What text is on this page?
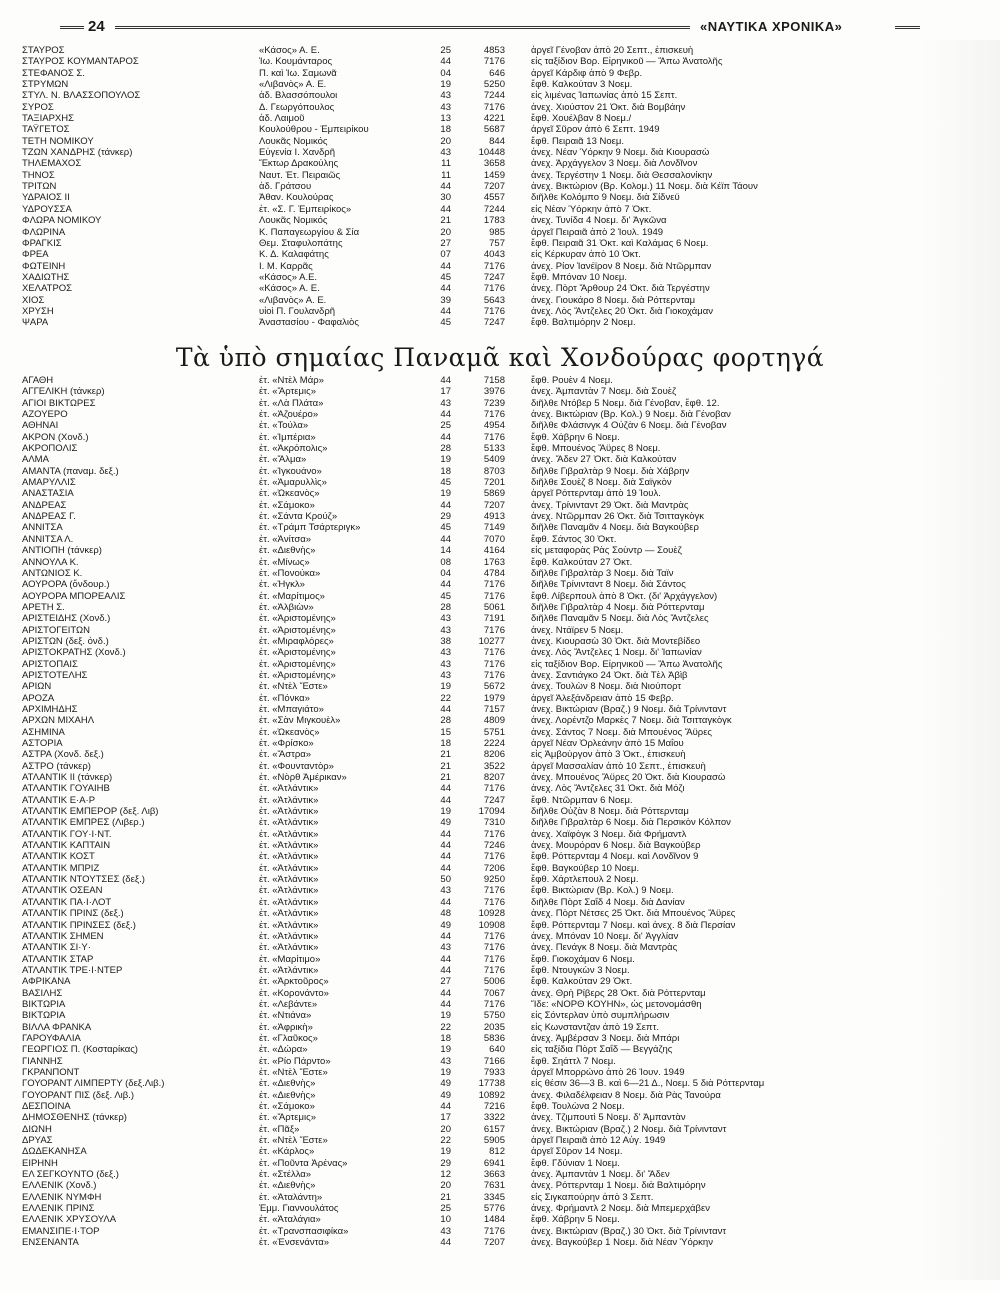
24	«ΝΑΥΤΙΚΑ ΧΡΟΝΙΚΑ»
ΣΤΑΥΡΟΣ	«Κάσος» Α. Ε.	25	4853	ἀργεῖ Γένοβαν ἀπὸ 20 Σεπτ., ἐπισκευὴ
ΣΤΑΥΡΟΣ ΚΟΥΜΑΝΤΑΡΟΣ	Ἰω. Κουμάνταρος	44	7176	εἰς ταξίδιον Βορ. Εἰρηνικοῦ — Ἄπω Ἀνατολῆς
ΣΤΕΦΑΝΟΣ Σ.	Π. καὶ Ἰω. Σαμωνᾶ	04	646	ἀργεῖ Κάρδιφ ἀπὸ 9 Φεβρ.
ΣΤΡΥΜΩΝ	«Λιβανὸς» Α. Ε.	19	5250	ἔφθ. Καλκούταν 3 Νοεμ.
ΣΤΥΛ. Ν. ΒΛΑΣΣΟΠΟΥΛΟΣ	ἀδ. Βλασσόπουλοι	43	7244	εἰς λιμένας Ἰαπωνίας ἀπὸ 15 Σεπτ.
ΣΥΡΟΣ	Δ. Γεωργόπουλος	43	7176	ἀνεχ. Χιούστον 21 Ὀκτ. διὰ Βομβάην
ΤΑΞΙΑΡΧΗΣ	ἀδ. Λαιμοῦ	13	4221	ἔφθ. Χουέλβαν 8 Νοεμ./
ΤΑΫΓΕΤΟΣ	Κουλούθρου - Ἐμπειρίκου	18	5687	ἀργεῖ Σῦρον ἀπὸ 6 Σεπτ. 1949
ΤΕΤΗ ΝΟΜΙΚΟΥ	Λουκᾶς Νομικός	20	844	ἔφθ. Πειραιᾶ 13 Νοεμ.
ΤΖΩΝ ΧΑΝΔΡΗΣ (τάνκερ)	Εὐγενία Ι. Χανδρῆ	43	10448	ἀνεχ. Νέαν Ὑόρκην 9 Νοεμ. διὰ Κιουρασὼ
ΤΗΛΕΜΑΧΟΣ	Ἕκτωρ Δρακούλης	11	3658	ἀνεχ. Ἀρχάγγελον 3 Νοεμ. διὰ Λονδῖνον
ΤΗΝΟΣ	Ναυτ. Ἐτ. Πειραιῶς	11	1459	ἀνεχ. Τεργέστην 1 Νοεμ. διὰ Θεσσαλονίκην
ΤΡΙΤΩΝ	ἀδ. Γράτσου	44	7207	ἀνεχ. Βικτώριον (Βρ. Κολομ.) 11 Νοεμ. διὰ Κέϊπ Τάουν
ΥΔΡΑΙΟΣ ΙΙ	Ἀθαν. Κουλούρας	30	4557	διῆλθε Κολόμπο 9 Νοεμ. διὰ Σίδνεϋ
ΥΔΡΟΥΣΣΑ	ἐτ. «Σ. Γ. Ἐμπειρίκος»	44	7244	εἰς Νέαν Ὑόρκην ἀπὸ 7 Ὀκτ.
ΦΛΩΡΑ ΝΟΜΙΚΟΥ	Λουκᾶς Νομικός	21	1783	ἀνεχ. Τυνίδα 4 Νοεμ. δι' Ἀγκῶνα
ΦΛΩΡΙΝΑ	Κ. Παπαγεωργίου & Σία	20	985	ἀργεῖ Πειραιᾶ ἀπὸ 2 Ἰουλ. 1949
ΦΡΑΓΚΙΣ	Θεμ. Σταφυλοπάτης	27	757	ἔφθ. Πειραιᾶ 31 Ὀκτ. καὶ Καλάμας 6 Νοεμ.
ΦΡΕΑ	Κ. Δ. Καλαφάτης	07	4043	εἰς Κέρκυραν ἀπὸ 10 Ὀκτ.
ΦΩΤΕΙΝΗ	Ι. Μ. Καρρᾶς	44	7176	ἀνεχ. Ρίον Ἰανέϊρον 8 Νοεμ. διὰ Ντῶρμπαν
ΧΑΔΙΩΤΗΣ	«Κάσος» Α.Ε.	45	7247	ἔφθ. Μπόναν 10 Νοεμ.
ΧΕΛΑΤΡΟΣ	«Κάσος» Α. Ε.	44	7176	ἀνεχ. Πὸρτ Ἄρθουρ 24 Ὀκτ. διὰ Τεργέστην
ΧΙΟΣ	«Λιβανὸς» Α. Ε.	39	5643	ἀνεχ. Γιουκάρο 8 Νοεμ. διὰ Ρόττερνταμ
ΧΡΥΣΗ	υἱοὶ Π. Γουλανδρῆ	44	7176	ἀνεχ. Λὸς Ἄντζελες 20 Ὀκτ. διὰ Γιοκοχάμαν
ΨΑΡΑ	Ἀναστασίου - Φαφαλιὸς	45	7247	ἔφθ. Βαλτιμόρην 2 Νοεμ.
Τὰ ὑπὸ σημαίας Παναμᾶ καὶ Χονδούρας φορτηγά
ΑΓΑΘΗ	ἐτ. «Ντὲλ Μάρ»	44	7158	ἔφθ. Ρουὲν 4 Νοεμ.
ΑΓΓΕΛΙΚΗ (τάνκερ)	ἐτ. «Ἄρτεμις»	17	3976	ἀνεχ. Ἀμπαντὰν 7 Νοεμ. διὰ Σουὲζ
ΑΓΙΟΙ ΒΙΚΤΩΡΕΣ	ἐτ. «Λὰ Πλάτα»	43	7239	διῆλθε Ντόβερ 5 Νοεμ. διὰ Γένοβαν, ἔφθ. 12.
ΑΖΟΥΕΡΟ	ἐτ. «Ἀζουέρο»	44	7176	ἀνεχ. Βικτώριαν (Βρ. Κολ.) 9 Νοεμ. διὰ Γένοβαν
ΑΘΗΝΑΙ	ἐτ. «Τούλα»	25	4954	διῆλθε Φλάσινγκ 4 Οὐζὰν 6 Νοεμ. διὰ Γένοβαν
ΑΚΡΟΝ (Χονδ.)	ἐτ. «Ἰμπέρια»	44	7176	ἔφθ. Χάβρην 6 Νοεμ.
ΑΚΡΟΠΟΛΙΣ	ἐτ. «Ἀκρόπολις»	28	5133	ἔφθ. Μπουένος Ἄϋρες 8 Νοεμ.
ΑΛΜΑ	ἐτ. «Ἄλμα»	19	5409	ἀνεχ. Ἄδεν 27 Ὀκτ. διὰ Καλκούταν
ΑΜΑΝΤΑ (παναμ. δεξ.)	ἐτ. «Ἰγκουάνο»	18	8703	διῆλθε Γιβραλτὰρ 9 Νοεμ. διὰ Χάβρην
ΑΜΑΡΥΛΛΙΣ	ἐτ. «Ἀμαρυλλὶς»	45	7201	διῆλθε Σουὲζ 8 Νοεμ. διὰ Σαϊγκὸν
ΑΝΑΣΤΑΣΙΑ	ἐτ. «Ὠκεανὸς»	19	5869	ἀργεῖ Ρόττερνταμ ἀπὸ 19 Ἰουλ.
ΑΝΔΡΕΑΣ	ἐτ. «Σάμοκο»	44	7207	ἀνεχ. Τρίνινταντ 29 Ὀκτ. διὰ Μαντρὰς
ΑΝΔΡΕΑΣ Γ.	ἐτ. «Σάντα Κρούζ»	29	4913	ἀνεχ. Ντῶρμπαν 26 Ὀκτ. διὰ Τσιτταγκὸγκ
ΑΝΝΙΤΣΑ	ἐτ. «Τράμπ Τσάρτεριγκ»	45	7149	διῆλθε Παναμᾶν 4 Νοεμ. διὰ Βαγκούβερ
ΑΝΝΙΤΣΑ Λ.	ἐτ. «Ἀνίτσα»	44	7070	ἔφθ. Σάντος 30 Ὀκτ.
ΑΝΤΙΟΠΗ (τάνκερ)	ἐτ. «Διεθνὴς»	14	4164	εἰς μεταφορὰς Ρὰς Σοὺντρ — Σουὲζ
ΑΝΝΟΥΛΑ Κ.	ἐτ. «Μίνως»	08	1763	ἔφθ. Καλκούταν 27 Ὀκτ.
ΑΝΤΩΝΙΟΣ Κ.	ἐτ. «Πονούκα»	04	4784	διῆλθε Γιβραλτὰρ 3 Νοεμ. διὰ Ταϊν
ΑΟΥΡΟΡΑ (ὄνδουρ.)	ἐτ. «Ἠγκλ»	44	7176	διῆλθε Τρίνινταντ 8 Νοεμ. διὰ Σάντος
ΑΟΥΡΟΡΑ ΜΠΟΡΕΑΛΙΣ	ἐτ. «Μαρίτιμος»	45	7176	ἔφθ. Λίβερπουλ ἀπὸ 8 Ὀκτ. (δι' Ἀρχάγγελον)
ΑΡΕΤΗ Σ.	ἐτ. «Ἀλβιὼν»	28	5061	διῆλθε Γιβραλτὰρ 4 Νοεμ. διὰ Ρόττερνταμ
ΑΡΙΣΤΕΙΔΗΣ (Χονδ.)	ἐτ. «Ἀριστομένης»	43	7191	διῆλθε Παναμᾶν 5 Νοεμ. διὰ Λὸς Ἄντζελες
ΑΡΙΣΤΟΓΕΙΤΩΝ	ἐτ. «Ἀριστομένης»	43	7176	ἀνεχ. Ντάϊρεν 5 Νοεμ.
ΑΡΙΣΤΩΝ (δεξ. ὀνδ.)	ἐτ. «Μιραφλόρες»	38	10277	ἀνεχ. Κιουρασὼ 30 Ὀκτ. διὰ Μοντεβίδεο
ΑΡΙΣΤΟΚΡΑΤΗΣ (Χονδ.)	ἐτ. «Ἀριστομένης»	43	7176	ἀνεχ. Λὸς Ἄντζελες 1 Νοεμ. δι' Ἰαπωνίαν
ΑΡΙΣΤΟΠΑΙΣ	ἐτ. «Ἀριστομένης»	43	7176	εἰς ταξίδιον Βορ. Εἰρηνικοῦ — Ἄπω Ἀνατολῆς
ΑΡΙΣΤΟΤΕΛΗΣ	ἐτ. «Ἀριστομένης»	43	7176	ἀνεχ. Σαντιάγκο 24 Ὀκτ. διὰ Τὲλ Ἀβὶβ
ΑΡΙΩΝ	ἐτ. «Ντὲλ Ἔστε»	19	5672	ἀνεχ. Τουλὼν 8 Νοεμ. διὰ Νιούπορτ
ΑΡΟΖΑ	ἐτ. «Πόνκα»	22	1979	ἀργεῖ Ἀλεξάνδρειαν ἀπὸ 15 Φεβρ.
ΑΡΧΙΜΗΔΗΣ	ἐτ. «Μπαγιάτο»	44	7157	ἀνεχ. Βικτώριαν (Βραζ.) 9 Νοεμ. διὰ Τρίνινταντ
ΑΡΧΩΝ ΜΙΧΑΗΛ	ἐτ. «Σὰν Μιγκουὲλ»	28	4809	ἀνεχ. Λορέντζο Μαρκὲς 7 Νοεμ. διὰ Τσιτταγκὸγκ
ΑΣΗΜΙΝΑ	ἐτ. «Ὠκεανὸς»	15	5751	ἀνεχ. Σάντος 7 Νοεμ. διὰ Μπουένος Ἄϋρες
ΑΣΤΟΡΙΑ	ἐτ. «Φρίσκο»	18	2224	ἀργεῖ Νέαν Ὀρλεάνην ἀπὸ 15 Μαΐου
ΑΣΤΡΑ (Χονδ. δεξ.)	ἐτ. «Ἄστρα»	21	8206	εἰς Ἀμβούργον ἀπὸ 3 Ὀκτ., ἐπισκευὴ
ΑΣΤΡΟ (τάνκερ)	ἐτ. «Φουνταντὸρ»	21	3522	ἀργεῖ Μασσαλίαν ἀπὸ 10 Σεπτ., ἐπισκευὴ
ΑΤΛΑΝΤΙΚ ΙΙ (τάνκερ)	ἐτ. «Νὸρθ Ἀμέρικαν»	21	8207	ἀνεχ. Μπουένος Ἄϋρες 20 Ὀκτ. διὰ Κιουρασὼ
ΑΤΛΑΝΤΙΚ ΓΟΥΑΙΗΒ	ἐτ. «Ἀτλάντικ»	44	7176	ἀνεχ. Λὸς Ἄντζελες 31 Ὀκτ. διὰ Μόζι
ΑΤΛΑΝΤΙΚ Ε·Α·Ρ	ἐτ. «Ἀτλάντικ»	44	7247	ἔφθ. Ντῶρμπαν 6 Νοεμ.
ΑΤΛΑΝΤΙΚ ΕΜΠΕΡΟΡ (δεξ. Λιβ)	ἐτ. «Ἀτλάντικ»	19	17094	διῆλθε Οὐζὰν 8 Νοεμ. διὰ Ρόττερνταμ
ΑΤΛΑΝΤΙΚ ΕΜΠΡΕΣ (Λιβερ.)	ἐτ. «Ἀτλάντικ»	49	7310	διῆλθε Γιβραλτὰρ 6 Νοεμ. διὰ Περσικὸν Κόλπον
ΑΤΛΑΝΤΙΚ ΓΟΥ·Ι·ΝΤ.	ἐτ. «Ἀτλάντικ»	44	7176	ἀνεχ. Χαϊφὸγκ 3 Νοεμ. διὰ Φρήμαντλ
ΑΤΛΑΝΤΙΚ ΚΑΠΤΑΙΝ	ἐτ. «Ἀτλάντικ»	44	7246	ἀνεχ. Μουρόραν 6 Νοεμ. διὰ Βαγκούβερ
ΑΤΛΑΝΤΙΚ ΚΟΣΤ	ἐτ. «Ἀτλάντικ»	44	7176	ἔφθ. Ρόττερνταμ 4 Νοεμ. καὶ Λονδῖνον 9
ΑΤΛΑΝΤΙΚ ΜΠΡΙΖ	ἐτ. «Ἀτλάντικ»	44	7206	ἔφθ. Βαγκούβερ 10 Νοεμ.
ΑΤΛΑΝΤΙΚ ΝΤΟΥΤΣΕΣ (δεξ.)	ἐτ. «Ἀτλάντικ»	50	9250	ἔφθ. Χάρτλεπουλ 2 Νοεμ.
ΑΤΛΑΝΤΙΚ ΟΣΕΑΝ	ἐτ. «Ἀτλάντικ»	43	7176	ἔφθ. Βικτώριαν (Βρ. Κολ.) 9 Νοεμ.
ΑΤΛΑΝΤΙΚ ΠΑ·Ι·ΛΟΤ	ἐτ. «Ἀτλάντικ»	44	7176	διῆλθε Πὸρτ Σαΐδ 4 Νοεμ. διὰ Δανίαν
ΑΤΛΑΝΤΙΚ ΠΡΙΝΣ (δεξ.)	ἐτ. «Ἀτλάντικ»	48	10928	ἀνεχ. Πὸρτ Νέτσες 25 Ὀκτ. διὰ Μπουένος Ἄϋρες
ΑΤΛΑΝΤΙΚ ΠΡΙΝΣΕΣ (δεξ.)	ἐτ. «Ἀτλάντικ»	49	10908	ἔφθ. Ρόττερνταμ 7 Νοεμ. καὶ ἀνεχ. 8 διὰ Περσίαν
ΑΤΛΑΝΤΙΚ ΣΗΜΕΝ	ἐτ. «Ἀτλάντικ»	44	7176	ἀνεχ. Μπόναν 10 Νοεμ. δι' Ἀγγλίαν
ΑΤΛΑΝΤΙΚ ΣΙ·Υ·	ἐτ. «Ἀτλάντικ»	43	7176	ἀνεχ. Πενάγκ 8 Νοεμ. διὰ Μαντρὰς
ΑΤΛΑΝΤΙΚ ΣΤΑΡ	ἐτ. «Μαρίτιμο»	44	7176	ἔφθ. Γιοκοχάμαν 6 Νοεμ.
ΑΤΛΑΝΤΙΚ ΤΡΕ·Ι·ΝΤΕΡ	ἐτ. «Ἀτλάντικ»	44	7176	ἔφθ. Ντουγκὼν 3 Νοεμ.
ΑΦΡΙΚΑΝΑ	ἐτ. «Ἀρκτοῦρος»	27	5006	ἔφθ. Καλκούταν 29 Ὀκτ.
ΒΑΣΙΛΗΣ	ἐτ. «Κορονάντο»	44	7067	ἀνεχ. Θρὴ Ρίβερς 28 Ὀκτ. διὰ Ρόττερνταμ
ΒΙΚΤΩΡΙΑ	ἐτ. «Λεβάντε»	44	7176	Ἴδε: «ΝΟΡΘ ΚΟΥΗΝ», ὡς μετονομάσθη
ΒΙΚΤΩΡΙΑ	ἐτ. «Ντιάνα»	19	5750	εἰς Σόντερλαν ὑπὸ συμπλήρωσιν
ΒΙΛΛΑ ΦΡΑΝΚΑ	ἐτ. «Ἀφρικὴ»	22	2035	εἰς Κωνσταντζαν ἀπὸ 19 Σεπτ.
ΓΑΡΟΥΦΑΛΙΑ	ἐτ. «Γλαῦκος»	18	5836	ἀνεχ. Ἀμβέρσαν 3 Νοεμ. διὰ Μπάρι
ΓΕΩΡΓΙΟΣ Π. (Κοσταρίκας)	ἐτ. «Δώρα»	19	640	εἰς ταξίδια Πὸρτ Σαΐδ — Βεγγάζης
ΓΙΑΝΝΗΣ	ἐτ. «Ρίο Πάρντο»	43	7166	ἔφθ. Σηάττλ 7 Νοεμ.
ΓΚΡΑΝΠΟΝΤ	ἐτ. «Ντὲλ Ἔστε»	19	7933	ἀργεῖ Μπορρώνο ἀπὸ 26 Ἰουν. 1949
ΓΟΥΟΡΑΝΤ ΛΙΜΠΕΡΤΥ (δεξ.Λιβ.)	ἐτ. «Διεθνὴς»	49	17738	εἰς θέσιν 36—3 Β. καὶ 6—21 Δ., Νοεμ. 5 διὰ Ρόττερνταμ
ΓΟΥΟΡΑΝΤ ΠΙΣ (δεξ. Λιβ.)	ἐτ. «Διεθνὴς»	49	10892	ἀνεχ. Φιλαδέλφειαν 8 Νοεμ. διὰ Ρὰς Τανούρα
ΔΕΣΠΟΙΝΑ	ἐτ. «Σάμοκο»	44	7216	ἔφθ. Τουλὼνα 2 Νοεμ.
ΔΗΜΟΣΘΕΝΗΣ (τάνκερ)	ἐτ. «Ἄρτεμις»	17	3322	ἀνεχ. Τζιμπουτὶ 5 Νοεμ. δ' Ἀμπαντὰν
ΔΙΩΝΗ	ἐτ. «Πᾶξ»	20	6157	ἀνεχ. Βικτώριαν (Βραζ.) 2 Νοεμ. διὰ Τρίνινταντ
ΔΡΥΑΣ	ἐτ. «Ντὲλ Ἔστε»	22	5905	ἀργεῖ Πειραιᾶ ἀπὸ 12 Αὐγ. 1949
ΔΩΔΕΚΑΝΗΣΑ	ἐτ. «Κάρλος»	19	812	ἀργεῖ Σῦρον 14 Νοεμ.
ΕΙΡΗΝΗ	ἐτ. «Ποῦντα Ἀρένας»	29	6941	ἔφθ. Γδύνιαν 1 Νοεμ.
ΕΛ ΣΕΓΚΟΥΝΤΟ (δεξ.)	ἐτ. «Στέλλα»	12	3663	ἀνεχ. Ἀμπαντὰν 1 Νοεμ. δι' Ἄδεν
ΕΛΛΕΝΙΚ (Χονδ.)	ἐτ. «Διεθνὴς»	20	7631	ἀνεχ. Ρόττερνταμ 1 Νοεμ. διὰ Βαλτιμόρην
ΕΛΛΕΝΙΚ ΝΥΜΦΗ	ἐτ. «Ἀταλάντη»	21	3345	εἰς Σιγκαπούρην ἀπὸ 3 Σεπτ.
ΕΛΛΕΝΙΚ ΠΡΙΝΣ	Ἐμμ. Γιαννουλάτος	25	5776	ἀνεχ. Φρήμαντλ 2 Νοεμ. διὰ Μπεμερχάβεν
ΕΛΛΕΝΙΚ ΧΡΥΣΟΥΛΑ	ἐτ. «Ἀταλάγια»	10	1484	ἔφθ. Χάβρην 5 Νοεμ.
ΕΜΑΝΣΙΠΕ·Ι·ΤΟΡ	ἐτ. «Τρανσπασιφίκα»	43	7176	ἀνεχ. Βικτώριαν (Βραζ.) 30 Ὀκτ. διὰ Τρίνινταντ
ΕΝΣΕΝΑΝΤΑ	ἐτ. «Ἐνσενάντα»	44	7207	ἀνεχ. Βαγκούβερ 1 Νοεμ. διὰ Νέαν Ὑόρκην
